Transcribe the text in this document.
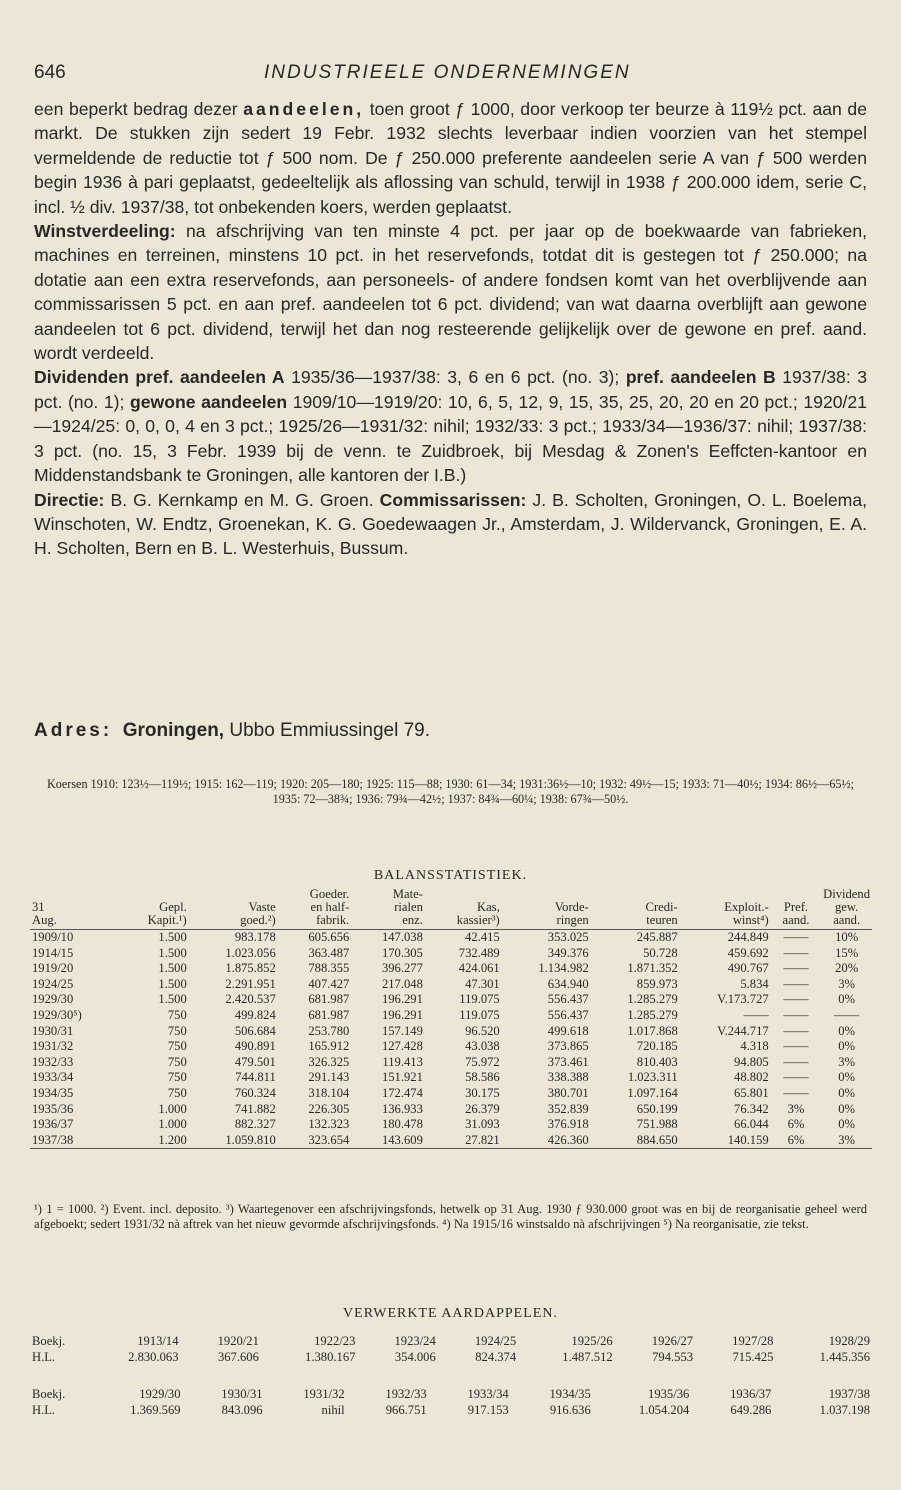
646	INDUSTRIEELE ONDERNEMINGEN

een beperkt bedrag dezer aandeelen, toen groot ƒ 1000, door verkoop ter beurze à 119½ pct. aan de markt. De stukken zijn sedert 19 Febr. 1932 slechts leverbaar indien voorzien van het stempel vermeldende de reductie tot ƒ 500 nom. De ƒ 250.000 preferente aandeelen serie A van ƒ 500 werden begin 1936 à pari geplaatst, gedeeltelijk als aflossing van schuld, terwijl in 1938 ƒ 200.000 idem, serie C, incl. ½ div. 1937/38, tot onbekenden koers, werden geplaatst.

Winstverdeeling: na afschrijving van ten minste 4 pct. per jaar op de boekwaarde van fabrieken, machines en terreinen, minstens 10 pct. in het reservefonds, totdat dit is gestegen tot ƒ 250.000; na dotatie aan een extra reservefonds, aan personeels- of andere fondsen komt van het overblijvende aan commissarissen 5 pct. en aan pref. aandeelen tot 6 pct. dividend; van wat daarna overblijft aan gewone aandeelen tot 6 pct. dividend, terwijl het dan nog resteerende gelijkelijk over de gewone en pref. aand. wordt verdeeld.

Dividenden pref. aandeelen A 1935/36—1937/38: 3, 6 en 6 pct. (no. 3); pref. aandeelen B 1937/38: 3 pct. (no. 1); gewone aandeelen 1909/10—1919/20: 10, 6, 5, 12, 9, 15, 35, 25, 20, 20 en 20 pct.; 1920/21—1924/25: 0, 0, 0, 4 en 3 pct.; 1925/26—1931/32: nihil; 1932/33: 3 pct.; 1933/34—1936/37: nihil; 1937/38: 3 pct. (no. 15, 3 Febr. 1939 bij de venn. te Zuidbroek, bij Mesdag & Zonen's Eeffcten-kantoor en Middenstandsbank te Groningen, alle kantoren der I.B.)

Directie: B. G. Kernkamp en M. G. Groen. Commissarissen: J. B. Scholten, Groningen, O. L. Boelema, Winschoten, W. Endtz, Groenekan, K. G. Goedewaagen Jr., Amsterdam, J. Wildervanck, Groningen, E. A. H. Scholten, Bern en B. L. Westerhuis, Bussum.

Adres: Groningen, Ubbo Emmiussingel 79.
Koersen 1910: 123½—119½; 1915: 162—119; 1920: 205—180; 1925: 115—88; 1930: 61—34; 1931:36½—10; 1932: 49½—15; 1933: 71—40½; 1934: 86½—65½; 1935: 72—38¾; 1936: 79¾—42½; 1937: 84¾—60¼; 1938: 67¾—50½.
BALANSSTATISTIEK.
			Goeder.	Mate-					Dividend	
31	Gepl.	Vaste	en half-	rialen	Kas,	Vorde-	Credi-	Exploit.-	Pref.	gew.
Aug.	Kapit.¹)	goed.²)	fabrik.	enz.	kassier³)	ringen	teuren	winst⁴)	aand.	aand.
1909/10	1.500	983.178	605.656	147.038	42.415	353.025	245.887	244.849	——	10%
1914/15	1.500	1.023.056	363.487	170.305	732.489	349.376	50.728	459.692	——	15%
1919/20	1.500	1.875.852	788.355	396.277	424.061	1.134.982	1.871.352	490.767	——	20%
1924/25	1.500	2.291.951	407.427	217.048	47.301	634.940	859.973	5.834	——	3%
1929/30	1.500	2.420.537	681.987	196.291	119.075	556.437	1.285.279	V.173.727	——	0%
1929/30⁵)	750	499.824	681.987	196.291	119.075	556.437	1.285.279	——	——	——
1930/31	750	506.684	253.780	157.149	96.520	499.618	1.017.868	V.244.717	——	0%
1931/32	750	490.891	165.912	127.428	43.038	373.865	720.185	4.318	——	0%
1932/33	750	479.501	326.325	119.413	75.972	373.461	810.403	94.805	——	3%
1933/34	750	744.811	291.143	151.921	58.586	338.388	1.023.311	48.802	——	0%
1934/35	750	760.324	318.104	172.474	30.175	380.701	1.097.164	65.801	——	0%
1935/36	1.000	741.882	226.305	136.933	26.379	352.839	650.199	76.342	3%	0%
1936/37	1.000	882.327	132.323	180.478	31.093	376.918	751.988	66.044	6%	0%
1937/38	1.200	1.059.810	323.654	143.609	27.821	426.360	884.650	140.159	6%	3%
¹) 1 = 1000. ²) Event. incl. deposito. ³) Waartegenover een afschrijvingsfonds, hetwelk op 31 Aug. 1930 ƒ 930.000 groot was en bij de reorganisatie geheel werd afgeboekt; sedert 1931/32 nà aftrek van het nieuw gevormde afschrijvingsfonds. ⁴) Na 1915/16 winstsaldo nà afschrijvingen ⁵) Na reorganisatie, zie tekst.
VERWERKTE AARDAPPELEN.
Boekj.	1913/14	1920/21	1922/23	1923/24	1924/25	1925/26	1926/27	1927/28	1928/29
H.L.	2.830.063	367.606	1.380.167	354.006	824.374	1.487.512	794.553	715.425	1.445.356
Boekj.	1929/30	1930/31	1931/32	1932/33	1933/34	1934/35	1935/36	1936/37	1937/38
H.L.	1.369.569	843.096	nihil	966.751	917.153	916.636	1.054.204	649.286	1.037.198
